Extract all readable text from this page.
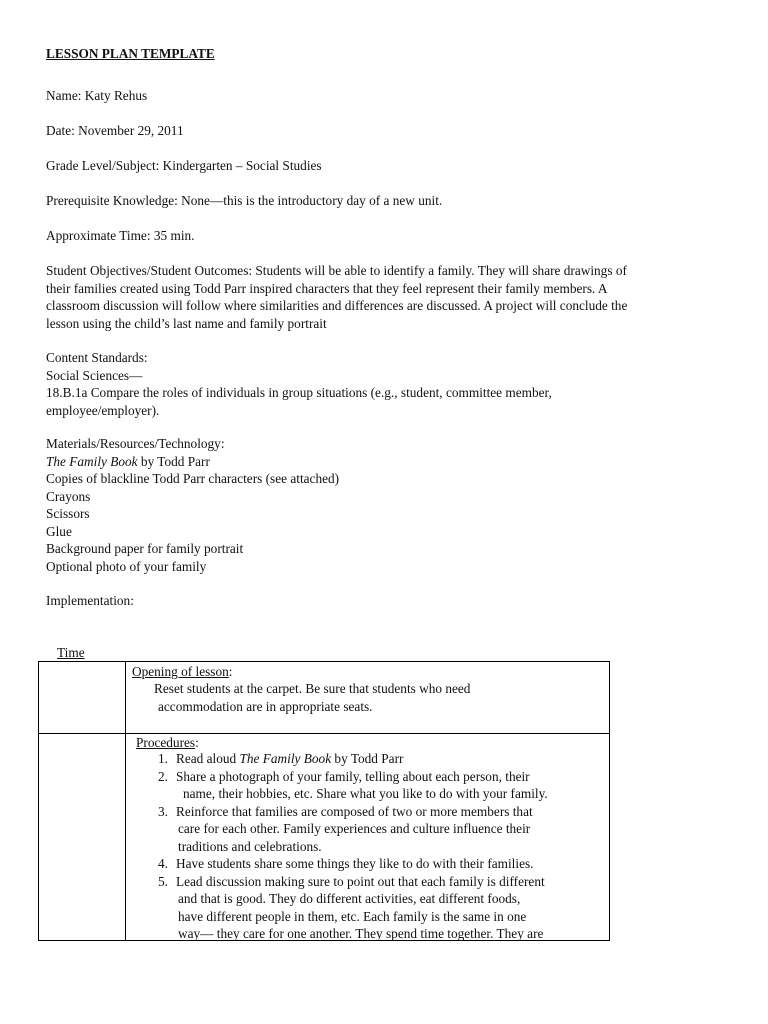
LESSON PLAN TEMPLATE
Name: Katy Rehus
Date: November 29, 2011
Grade Level/Subject: Kindergarten – Social Studies
Prerequisite Knowledge: None—this is the introductory day of a new unit.
Approximate Time: 35 min.
Student Objectives/Student Outcomes: Students will be able to identify a family. They will share drawings of
their families created using Todd Parr inspired characters that they feel represent their family members. A
classroom discussion will follow where similarities and differences are discussed. A project will conclude the
lesson using the child’s last name and family portrait
Content Standards:
Social Sciences—
18.B.1a Compare the roles of individuals in group situations (e.g., student, committee member,
employee/employer).
Materials/Resources/Technology:
The Family Book by Todd Parr
Copies of blackline Todd Parr characters (see attached)
Crayons
Scissors
Glue
Background paper for family portrait
Optional photo of your family
Implementation:
Time
Opening of lesson:
Reset students at the carpet. Be sure that students who need
accommodation are in appropriate seats.
Procedures:
1. Read aloud The Family Book by Todd Parr
2. Share a photograph of your family, telling about each person, their
name, their hobbies, etc. Share what you like to do with your family.
3. Reinforce that families are composed of two or more members that
care for each other. Family experiences and culture influence their
traditions and celebrations.
4. Have students share some things they like to do with their families.
5. Lead discussion making sure to point out that each family is different
and that is good. They do different activities, eat different foods,
have different people in them, etc. Each family is the same in one
way— they care for one another. They spend time together. They are
